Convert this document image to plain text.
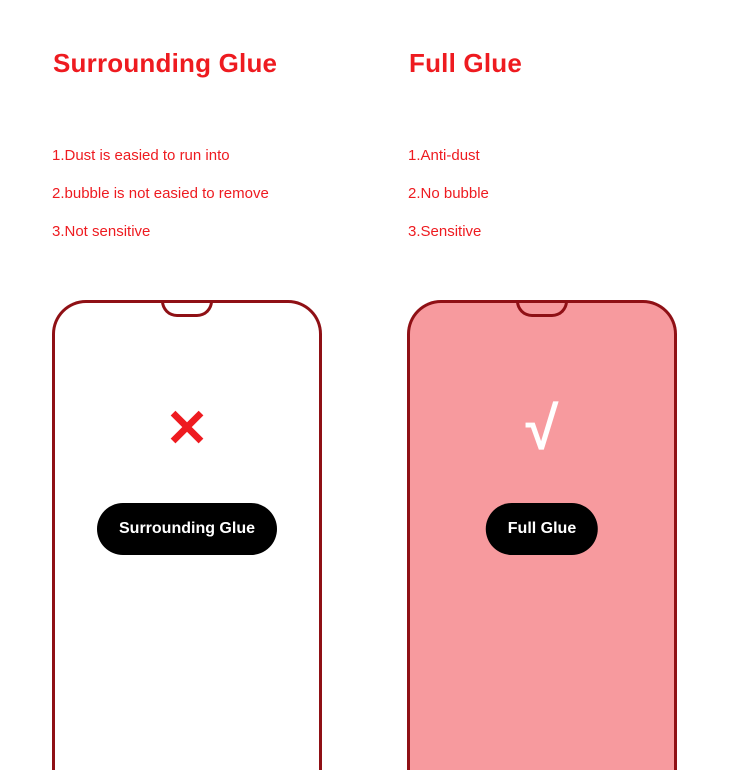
Surrounding Glue
1.Dust is easied to run into
2.bubble is not easied to remove
3.Not sensitive
✕
Surrounding Glue
Full Glue
1.Anti-dust
2.No bubble
3.Sensitive
√
Full Glue
